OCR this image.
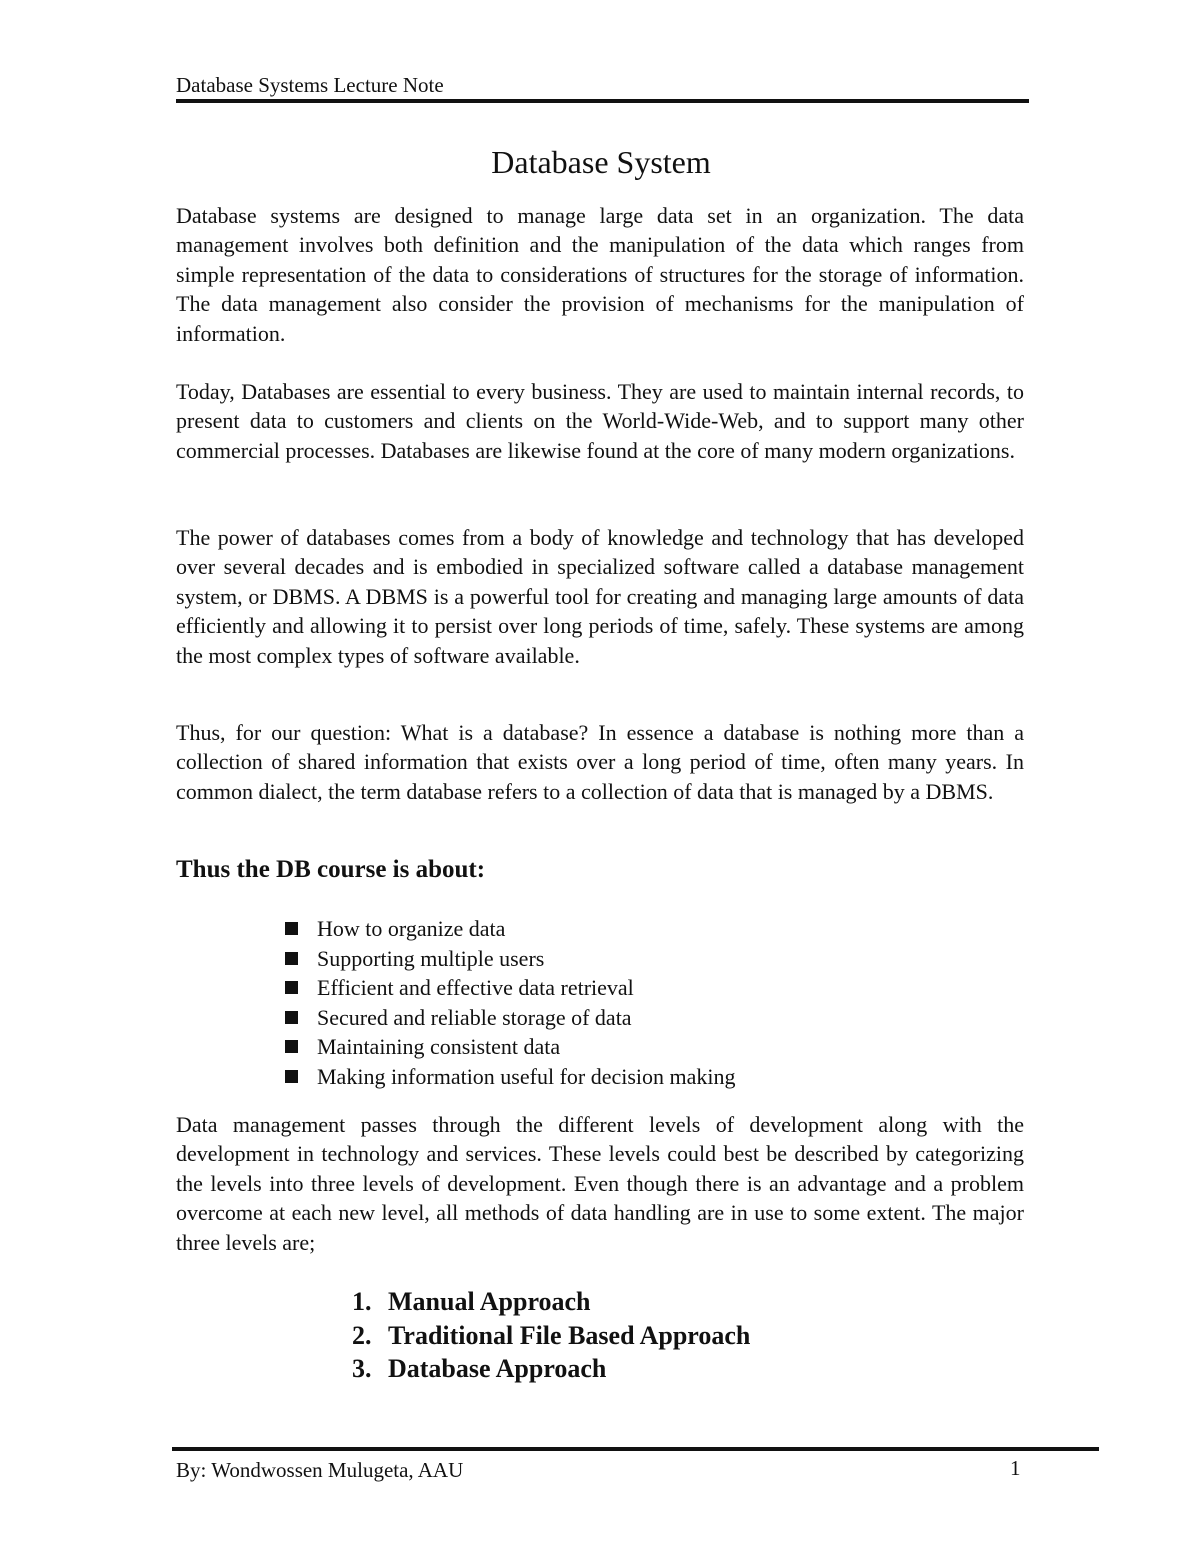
Database Systems Lecture Note
Database System

Database systems are designed to manage large data set in an organization. The data management involves both definition and the manipulation of the data which ranges from simple representation of the data to considerations of structures for the storage of information. The data management also consider the provision of mechanisms for the manipulation of information.

Today, Databases are essential to every business. They are used to maintain internal records, to present data to customers and clients on the World-Wide-Web, and to support many other commercial processes. Databases are likewise found at the core of many modern organizations.

The power of databases comes from a body of knowledge and technology that has developed over several decades and is embodied in specialized software called a database management system, or DBMS. A DBMS is a powerful tool for creating and managing large amounts of data efficiently and allowing it to persist over long periods of time, safely. These systems are among the most complex types of software available.

Thus, for our question: What is a database? In essence a database is nothing more than a collection of shared information that exists over a long period of time, often many years. In common dialect, the term database refers to a collection of data that is managed by a DBMS.

Thus the DB course is about:
How to organize data
Supporting multiple users
Efficient and effective data retrieval
Secured and reliable storage of data
Maintaining consistent data
Making information useful for decision making

Data management passes through the different levels of development along with the development in technology and services. These levels could best be described by categorizing the levels into three levels of development. Even though there is an advantage and a problem overcome at each new level, all methods of data handling are in use to some extent. The major three levels are;

1. Manual Approach
2. Traditional File Based Approach
3. Database Approach
By: Wondwossen Mulugeta, AAU	1
